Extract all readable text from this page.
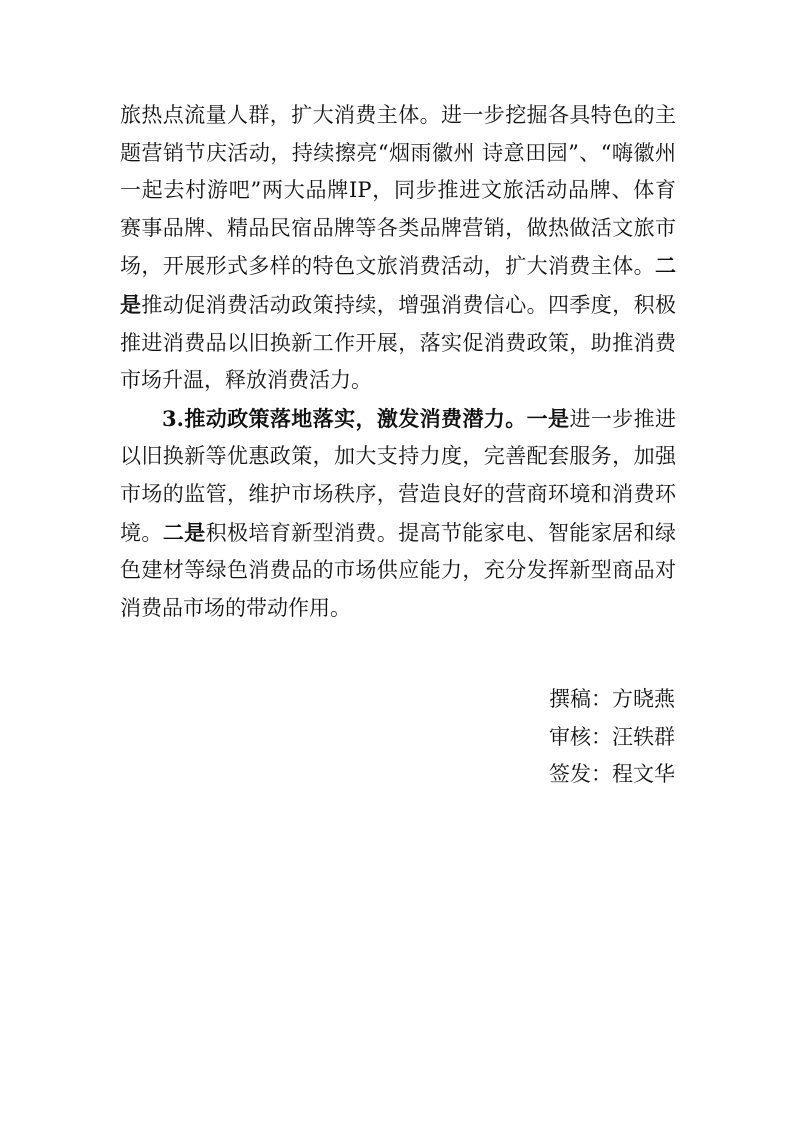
旅热点流量人群，扩大消费主体。进一步挖掘各具特色的主题营销节庆活动，持续擦亮“烟雨徽州 诗意田园”、“嗨徽州一起去村游吧”两大品牌IP，同步推进文旅活动品牌、体育赛事品牌、精品民宿品牌等各类品牌营销，做热做活文旅市场，开展形式多样的特色文旅消费活动，扩大消费主体。二是推动促消费活动政策持续，增强消费信心。四季度，积极推进消费品以旧换新工作开展，落实促消费政策，助推消费市场升温，释放消费活力。

3.推动政策落地落实，激发消费潜力。一是进一步推进以旧换新等优惠政策，加大支持力度，完善配套服务，加强市场的监管，维护市场秩序，营造良好的营商环境和消费环境。二是积极培育新型消费。提高节能家电、智能家居和绿色建材等绿色消费品的市场供应能力，充分发挥新型商品对消费品市场的带动作用。

撰稿：方晓燕
审核：汪轶群
签发：程文华
